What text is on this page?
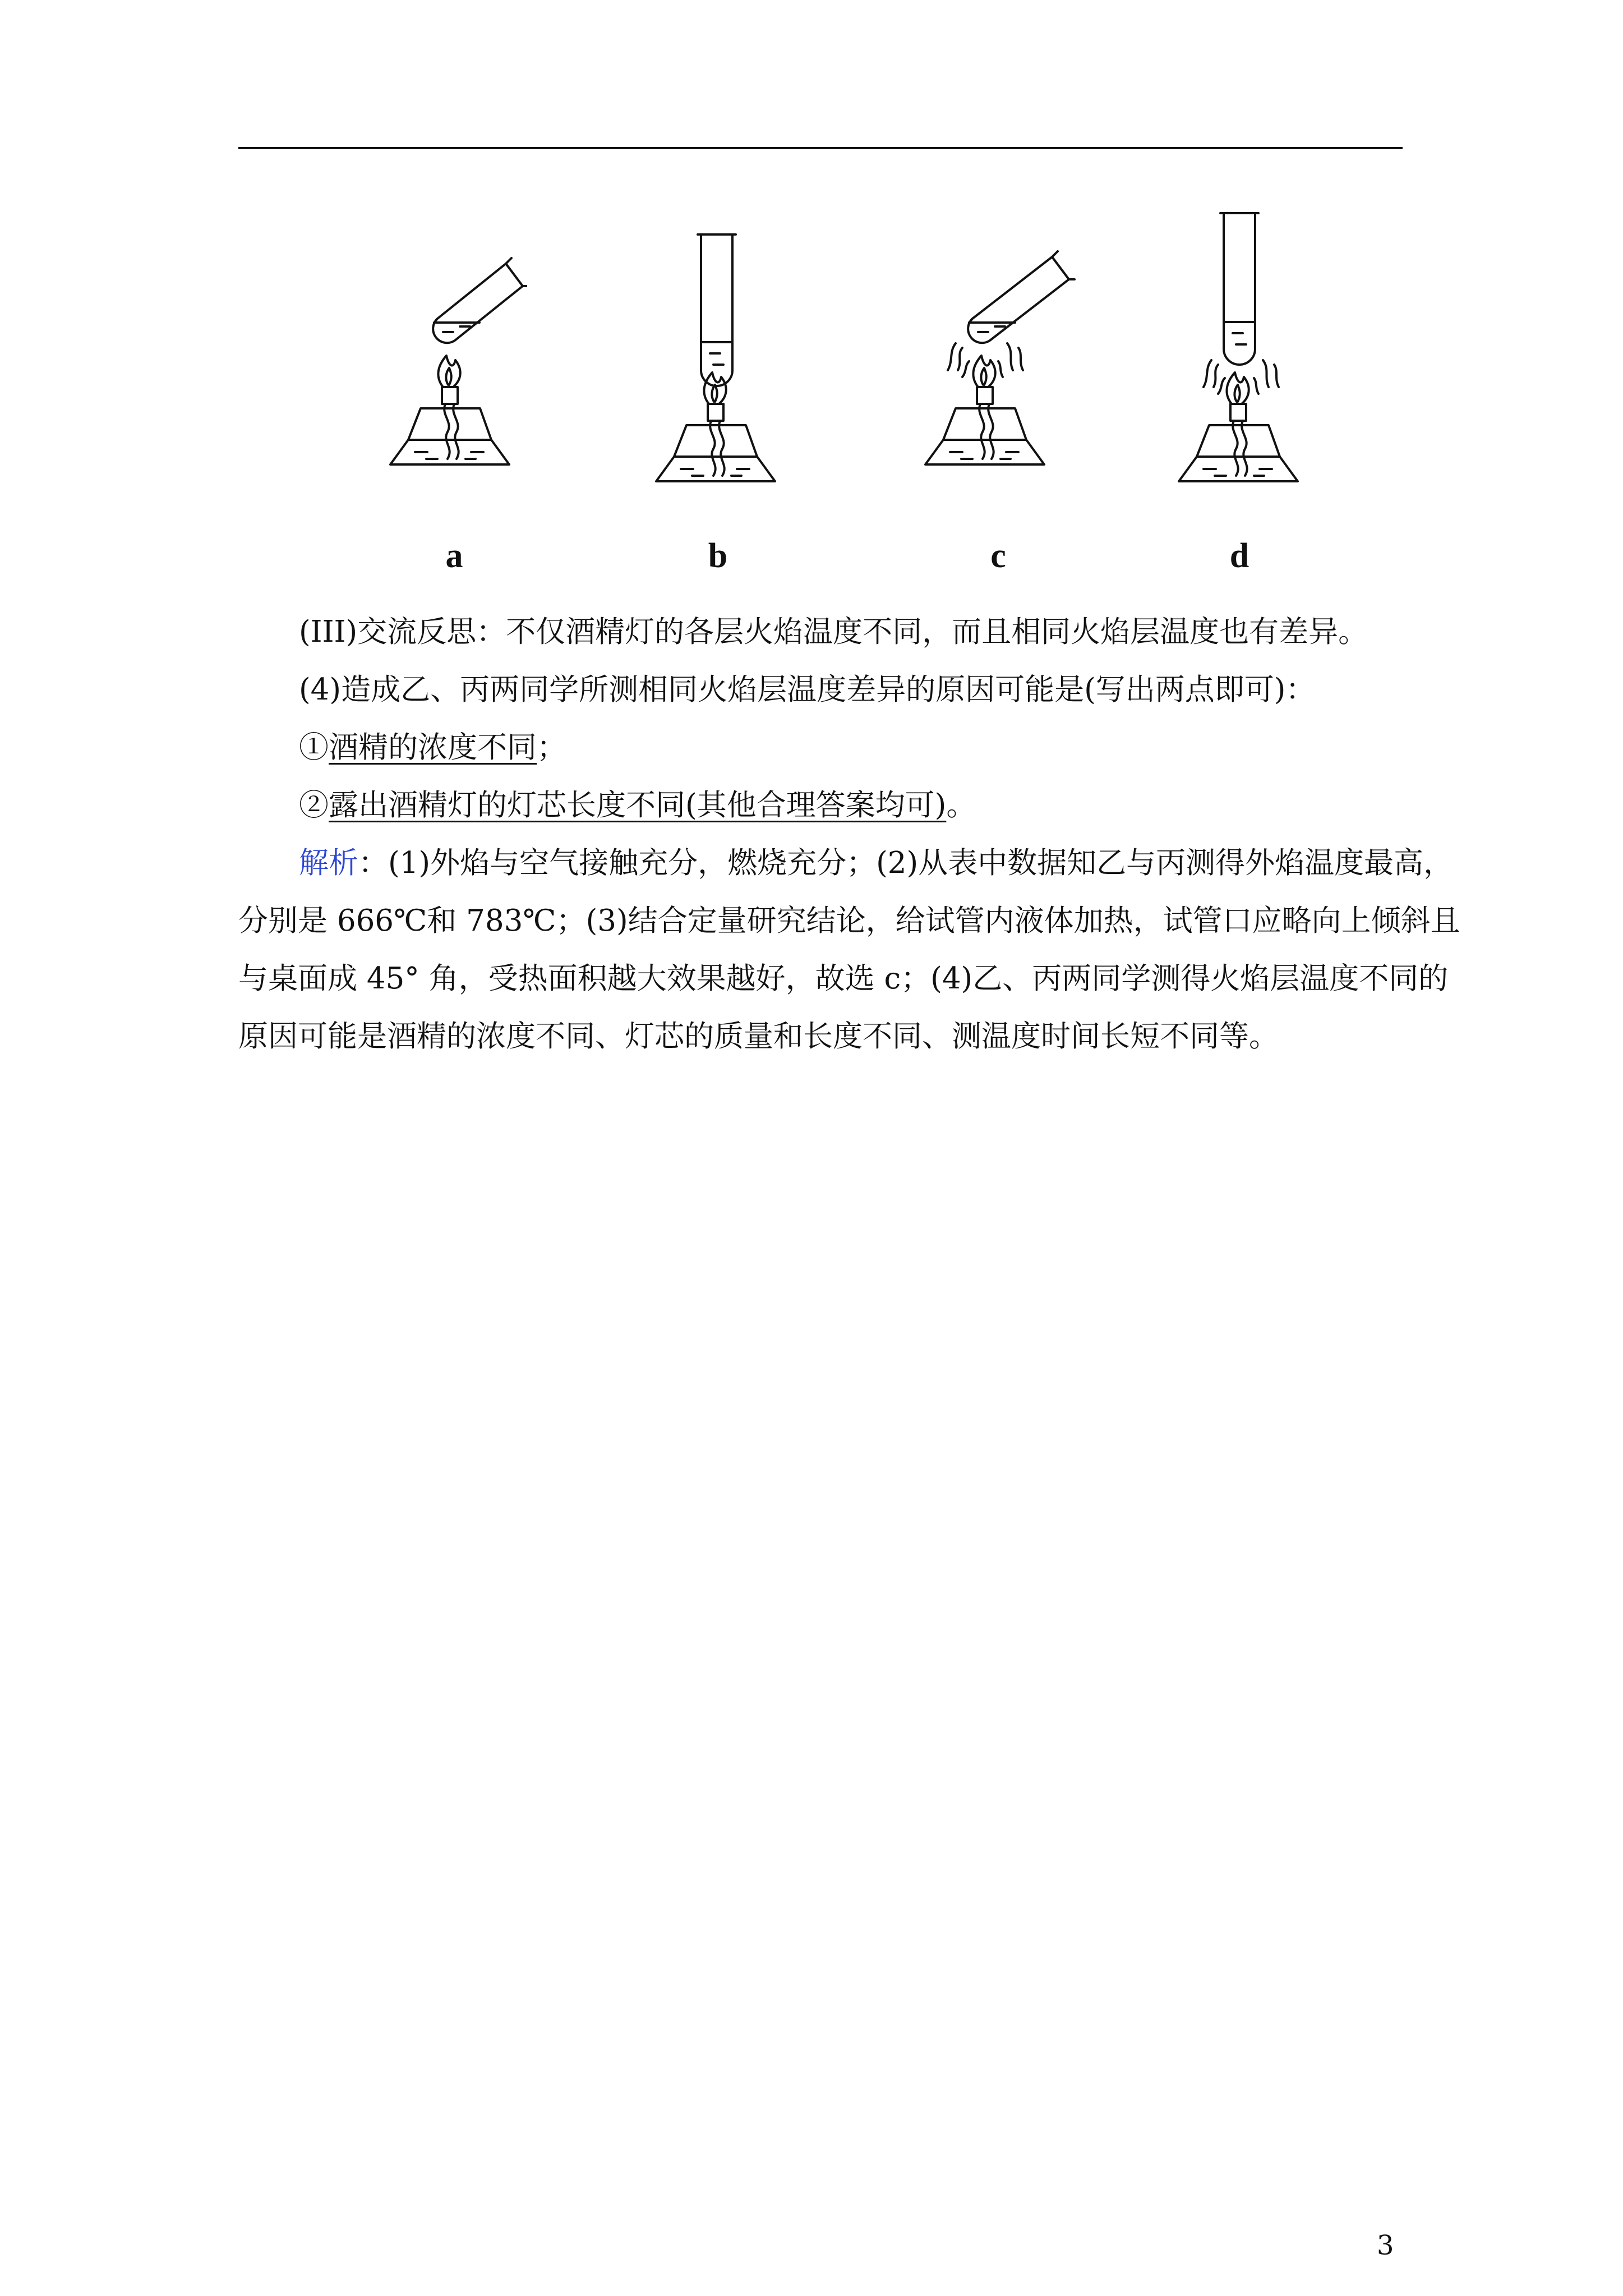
a	b	c	d
(III)交流反思：不仅酒精灯的各层火焰温度不同，而且相同火焰层温度也有差异。
(4)造成乙、丙两同学所测相同火焰层温度差异的原因可能是(写出两点即可)：
①酒精的浓度不同；
②露出酒精灯的灯芯长度不同(其他合理答案均可)。
解析：(1)外焰与空气接触充分，燃烧充分；(2)从表中数据知乙与丙测得外焰温度最高，
分别是 666℃和 783℃；(3)结合定量研究结论，给试管内液体加热，试管口应略向上倾斜且
与桌面成 45° 角，受热面积越大效果越好，故选 c；(4)乙、丙两同学测得火焰层温度不同的
原因可能是酒精的浓度不同、灯芯的质量和长度不同、测温度时间长短不同等。
3
